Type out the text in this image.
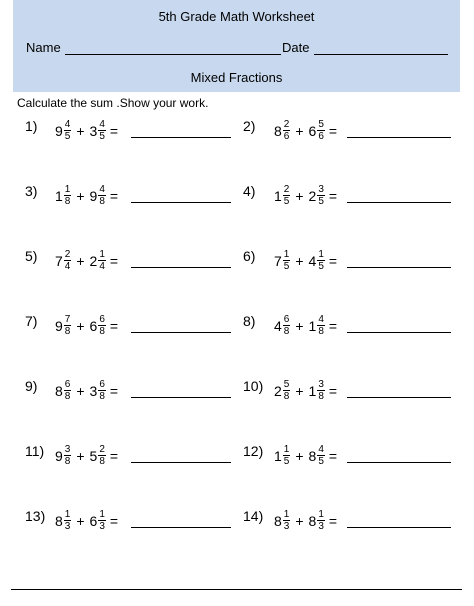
5th Grade Math Worksheet
Name	Date
Mixed Fractions
Calculate the sum .Show your work.
1) $9 \frac{4}{5} + 3 \frac{4}{5}$ =	2) $8 \frac{2}{6} + 6 \frac{5}{6}$ =
3) $1 \frac{1}{8} + 9 \frac{4}{8}$ =	4) $1 \frac{2}{5} + 2 \frac{3}{5}$ =
5) $7 \frac{2}{4} + 2 \frac{1}{4}$ =	6) $7 \frac{1}{5} + 4 \frac{1}{5}$ =
7) $9 \frac{7}{8} + 6 \frac{6}{8}$ =	8) $4 \frac{6}{8} + 1 \frac{4}{8}$ =
9) $8 \frac{6}{8} + 3 \frac{6}{8}$ =	10) $2 \frac{5}{8} + 1 \frac{3}{8}$ =
11) $9 \frac{3}{8} + 5 \frac{2}{8}$ =	12) $1 \frac{1}{5} + 8 \frac{4}{5}$ =
13) $8 \frac{1}{3} + 6 \frac{1}{3}$ =	14) $8 \frac{1}{3} + 8 \frac{1}{3}$ =
